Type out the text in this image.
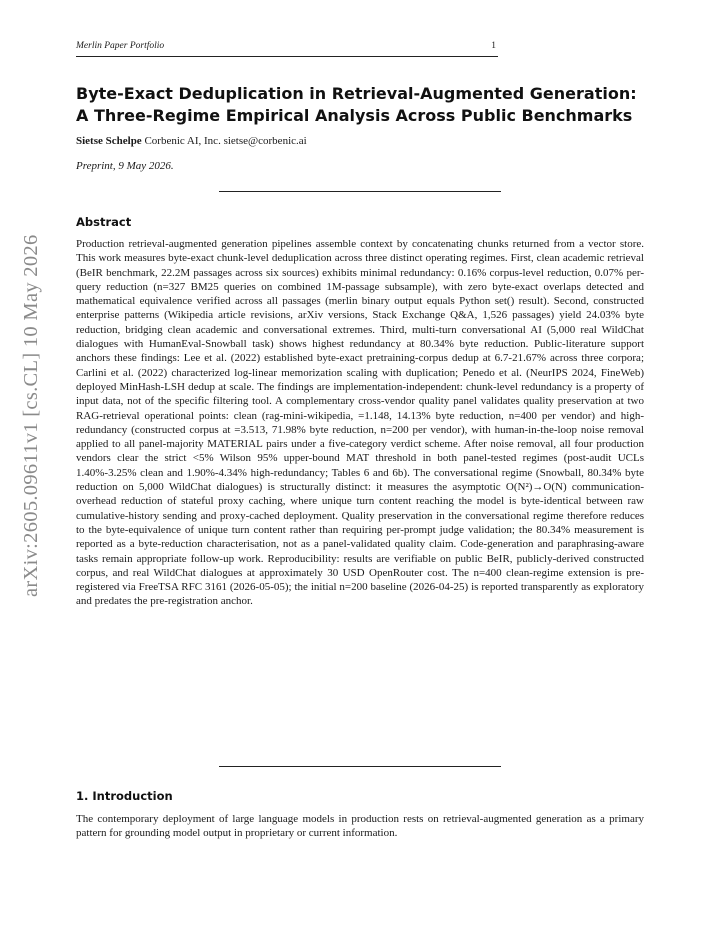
Merlin Paper Portfolio	1
arXiv:2605.09611v1 [cs.CL] 10 May 2026
Byte-Exact Deduplication in Retrieval-Augmented Generation: A Three-Regime Empirical Analysis Across Public Benchmarks
Sietse Schelpe Corbenic AI, Inc. sietse@corbenic.ai
Preprint, 9 May 2026.
Abstract

Production retrieval-augmented generation pipelines assemble context by concatenating chunks returned from a vector store. This work measures byte-exact chunk-level deduplication across three distinct operating regimes. First, clean academic retrieval (BeIR benchmark, 22.2M passages across six sources) exhibits minimal redundancy: 0.16% corpus-level reduction, 0.07% per-query reduction (n=327 BM25 queries on combined 1M-passage subsample), with zero byte-exact overlaps detected and mathematical equivalence verified across all passages (merlin binary output equals Python set() result). Second, constructed enterprise patterns (Wikipedia article revisions, arXiv versions, Stack Exchange Q&A, 1,526 passages) yield 24.03% byte reduction, bridging clean academic and conversational extremes. Third, multi-turn conversational AI (5,000 real WildChat dialogues with HumanEval-Snowball task) shows highest redundancy at 80.34% byte reduction. Public-literature support anchors these findings: Lee et al. (2022) established byte-exact pretraining-corpus dedup at 6.7-21.67% across three corpora; Carlini et al. (2022) characterized log-linear memorization scaling with duplication; Penedo et al. (NeurIPS 2024, FineWeb) deployed MinHash-LSH dedup at scale. The findings are implementation-independent: chunk-level redundancy is a property of input data, not of the specific filtering tool. A complementary cross-vendor quality panel validates quality preservation at two RAG-retrieval operational points: clean (rag-mini-wikipedia, =1.148, 14.13% byte reduction, n=400 per vendor) and high-redundancy (constructed corpus at =3.513, 71.98% byte reduction, n=200 per vendor), with human-in-the-loop noise removal applied to all panel-majority MATERIAL pairs under a five-category verdict scheme. After noise removal, all four production vendors clear the strict <5% Wilson 95% upper-bound MAT threshold in both panel-tested regimes (post-audit UCLs 1.40%-3.25% clean and 1.90%-4.34% high-redundancy; Tables 6 and 6b). The conversational regime (Snowball, 80.34% byte reduction on 5,000 WildChat dialogues) is structurally distinct: it measures the asymptotic O(N²)→O(N) communication-overhead reduction of stateful proxy caching, where unique turn content reaching the model is byte-identical between raw cumulative-history sending and proxy-cached deployment. Quality preservation in the conversational regime therefore reduces to the byte-equivalence of unique turn content rather than requiring per-prompt judge validation; the 80.34% measurement is reported as a byte-reduction characterisation, not as a panel-validated quality claim. Code-generation and paraphrasing-aware tasks remain appropriate follow-up work. Reproducibility: results are verifiable on public BeIR, publicly-derived constructed corpus, and real WildChat dialogues at approximately 30 USD OpenRouter cost. The n=400 clean-regime extension is pre-registered via FreeTSA RFC 3161 (2026-05-05); the initial n=200 baseline (2026-04-25) is reported transparently as exploratory and predates the pre-registration anchor.

1. Introduction

The contemporary deployment of large language models in production rests on retrieval-augmented generation as a primary pattern for grounding model output in proprietary or current information.
